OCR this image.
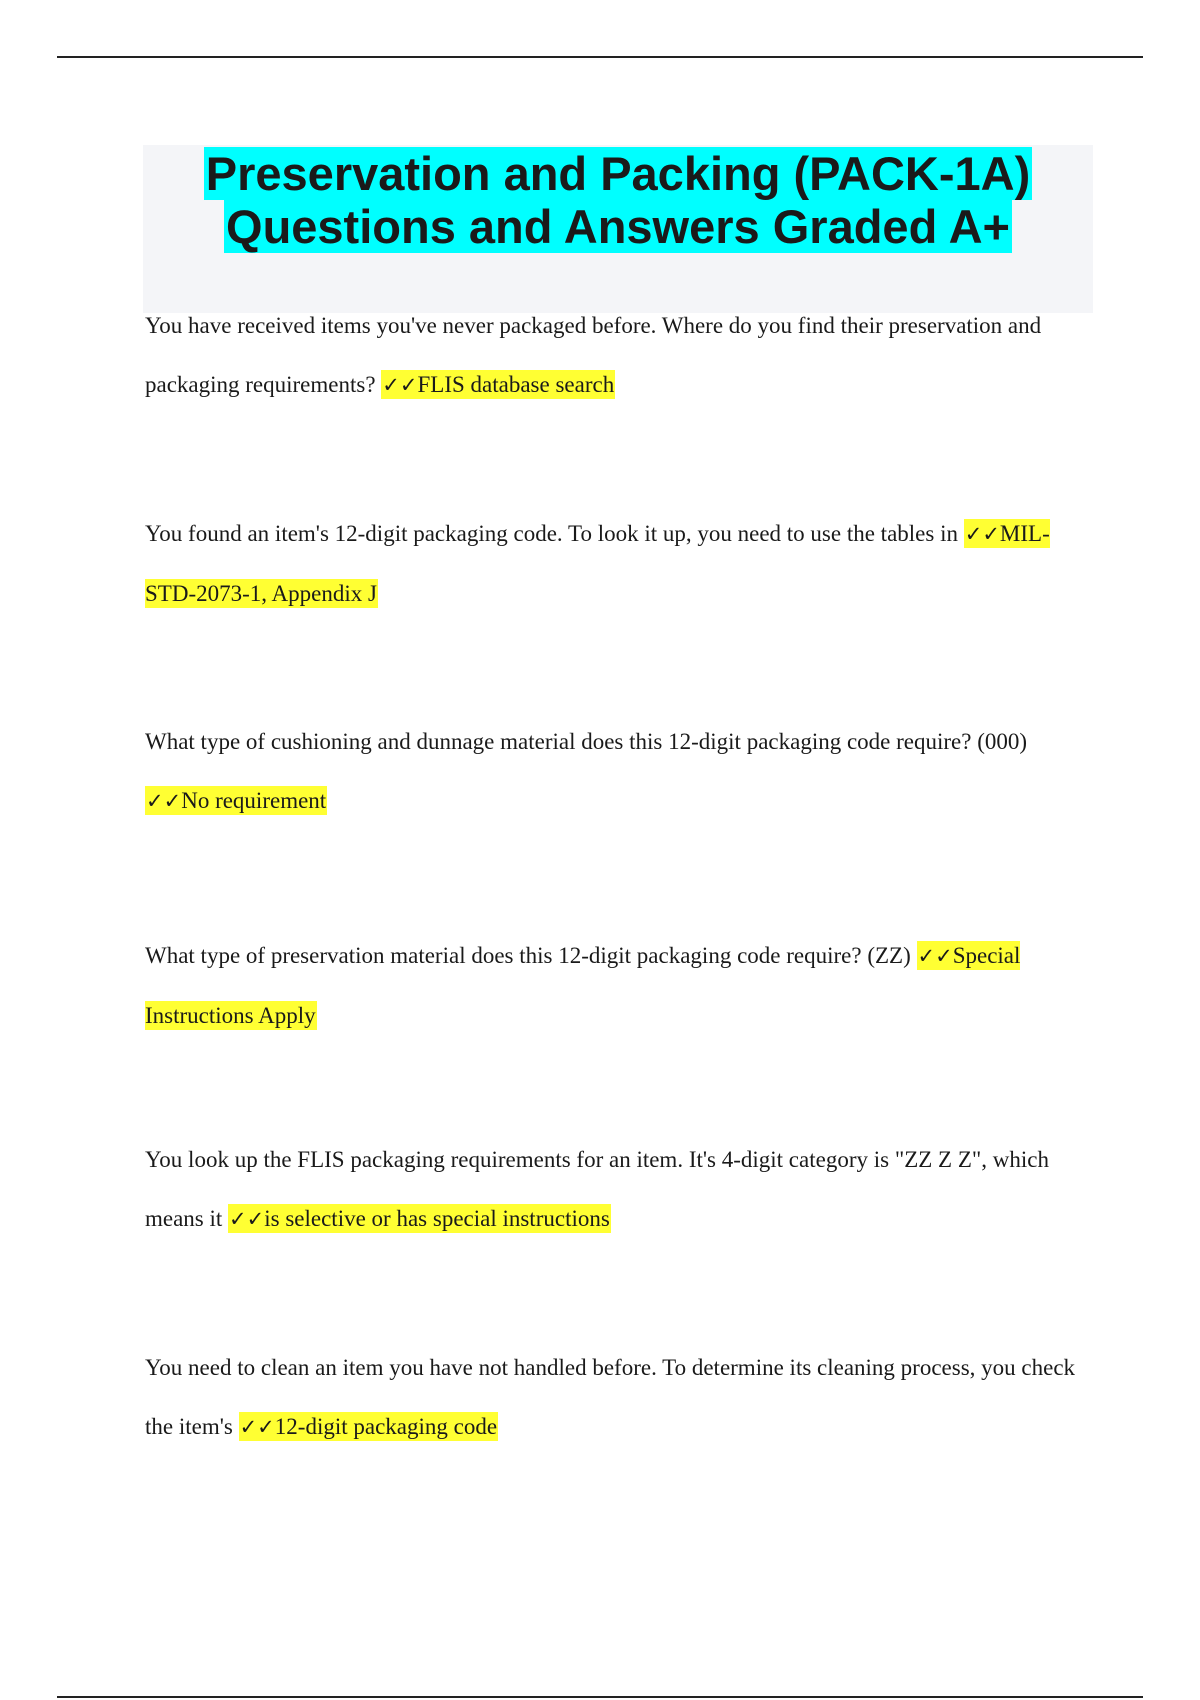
Preservation and Packing (PACK-1A)
Questions and Answers Graded A+
You have received items you've never packaged before. Where do you find their preservation and packaging requirements? ✓✓FLIS database search
You found an item's 12-digit packaging code. To look it up, you need to use the tables in ✓✓MIL-STD-2073-1, Appendix J
What type of cushioning and dunnage material does this 12-digit packaging code require? (000) ✓✓No requirement
What type of preservation material does this 12-digit packaging code require? (ZZ) ✓✓Special Instructions Apply
You look up the FLIS packaging requirements for an item. It's 4-digit category is "ZZ Z Z", which means it ✓✓is selective or has special instructions
You need to clean an item you have not handled before. To determine its cleaning process, you check the item's ✓✓12-digit packaging code
